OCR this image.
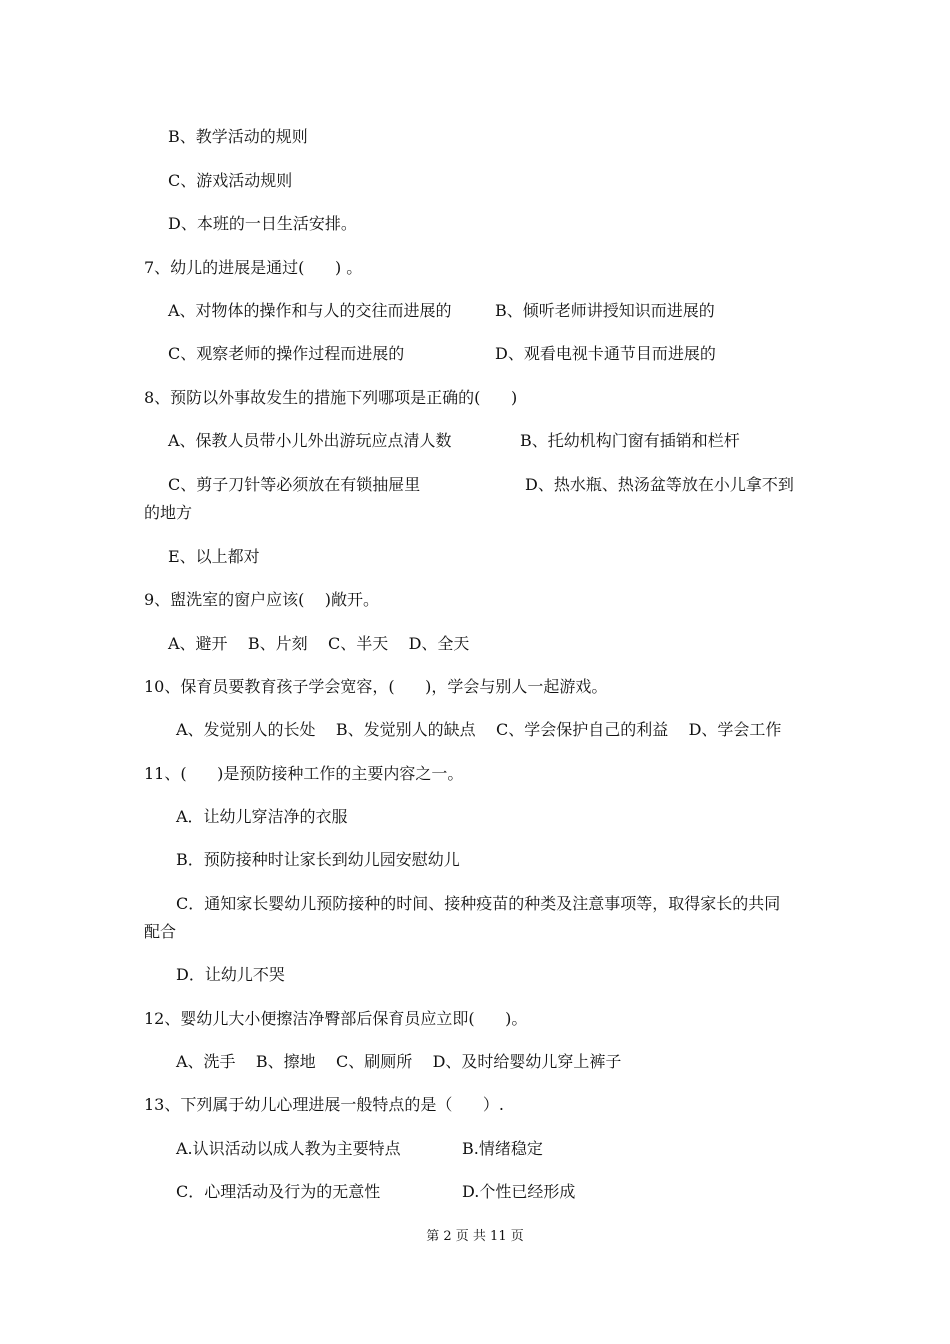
B、教学活动的规则
C、游戏活动规则
D、本班的一日生活安排。
7、幼儿的进展是通过(      ) 。
A、对物体的操作和与人的交往而进展的	B、倾听老师讲授知识而进展的
C、观察老师的操作过程而进展的	D、观看电视卡通节目而进展的
8、预防以外事故发生的措施下列哪项是正确的(      )
A、保教人员带小儿外出游玩应点清人数	B、托幼机构门窗有插销和栏杆
C、剪子刀针等必须放在有锁抽屉里	D、热水瓶、热汤盆等放在小儿拿不到
的地方
E、以上都对
9、盥洗室的窗户应该(    )敞开。
A、避开    B、片刻    C、半天    D、全天
10、保育员要教育孩子学会宽容，(      )，学会与别人一起游戏。
A、发觉别人的长处    B、发觉别人的缺点    C、学会保护自己的利益    D、学会工作
11、(      )是预防接种工作的主要内容之一。
A．让幼儿穿洁净的衣服
B．预防接种时让家长到幼儿园安慰幼儿
C．通知家长婴幼儿预防接种的时间、接种疫苗的种类及注意事项等，取得家长的共同
配合
D．让幼儿不哭
12、婴幼儿大小便擦洁净臀部后保育员应立即(      )。
A、洗手    B、擦地    C、刷厕所    D、及时给婴幼儿穿上裤子
13、下列属于幼儿心理进展一般特点的是（      ）.
A.认识活动以成人教为主要特点	B.情绪稳定
C．心理活动及行为的无意性	D.个性已经形成
第 2 页 共 11 页
